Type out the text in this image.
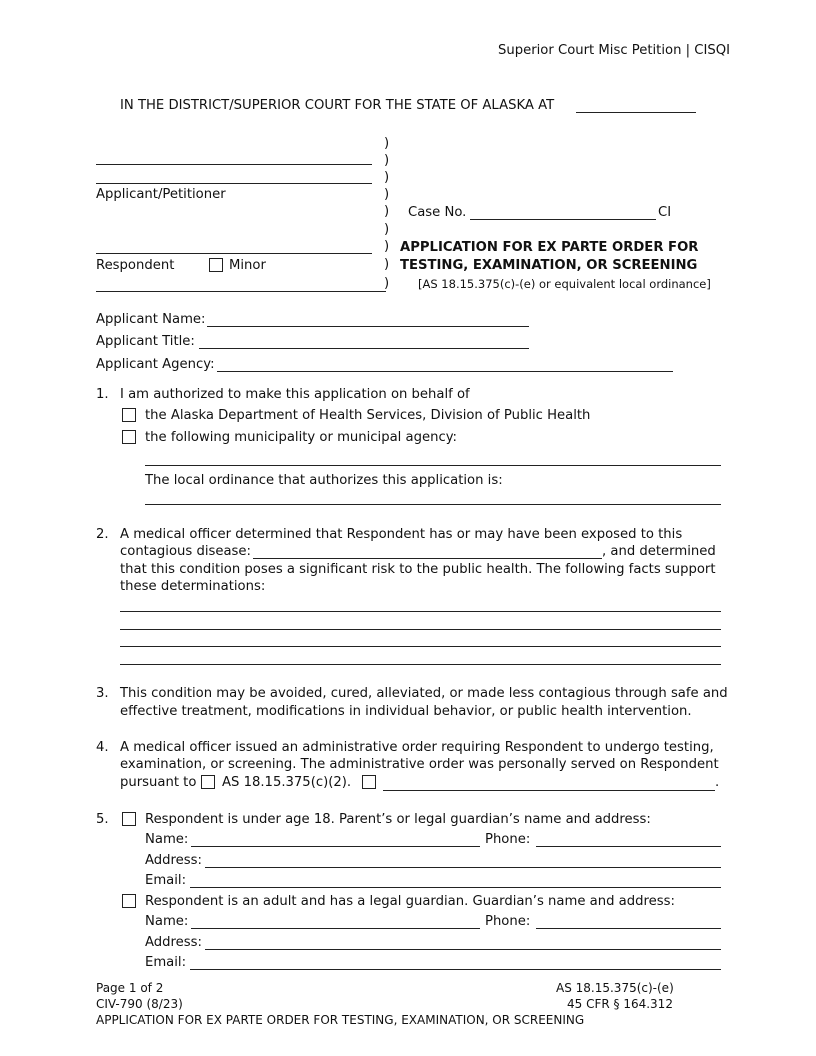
Superior Court Misc Petition | CISQI
IN THE DISTRICT/SUPERIOR COURT FOR THE STATE OF ALASKA AT
Applicant/Petitioner
Respondent	Minor
)
)
)
)
)
)
)
)
)
Case No.	CI
APPLICATION FOR EX PARTE ORDER FOR
TESTING, EXAMINATION, OR SCREENING
[AS 18.15.375(c)-(e) or equivalent local ordinance]
Applicant Name:
Applicant Title:
Applicant Agency:
1. I am authorized to make this application on behalf of
the Alaska Department of Health Services, Division of Public Health
the following municipality or municipal agency:
The local ordinance that authorizes this application is:
2. A medical officer determined that Respondent has or may have been exposed to this
contagious disease:	, and determined
that this condition poses a significant risk to the public health. The following facts support
these determinations:
3. This condition may be avoided, cured, alleviated, or made less contagious through safe and
effective treatment, modifications in individual behavior, or public health intervention.
4. A medical officer issued an administrative order requiring Respondent to undergo testing,
examination, or screening. The administrative order was personally served on Respondent
pursuant to AS 18.15.375(c)(2).	.
5.	Respondent is under age 18. Parent’s or legal guardian’s name and address:
Name:	Phone:
Address:
Email:
Respondent is an adult and has a legal guardian. Guardian’s name and address:
Name:	Phone:
Address:
Email:
Page 1 of 2
CIV-790 (8/23)
APPLICATION FOR EX PARTE ORDER FOR TESTING, EXAMINATION, OR SCREENING
AS 18.15.375(c)-(e)
45 CFR § 164.312
